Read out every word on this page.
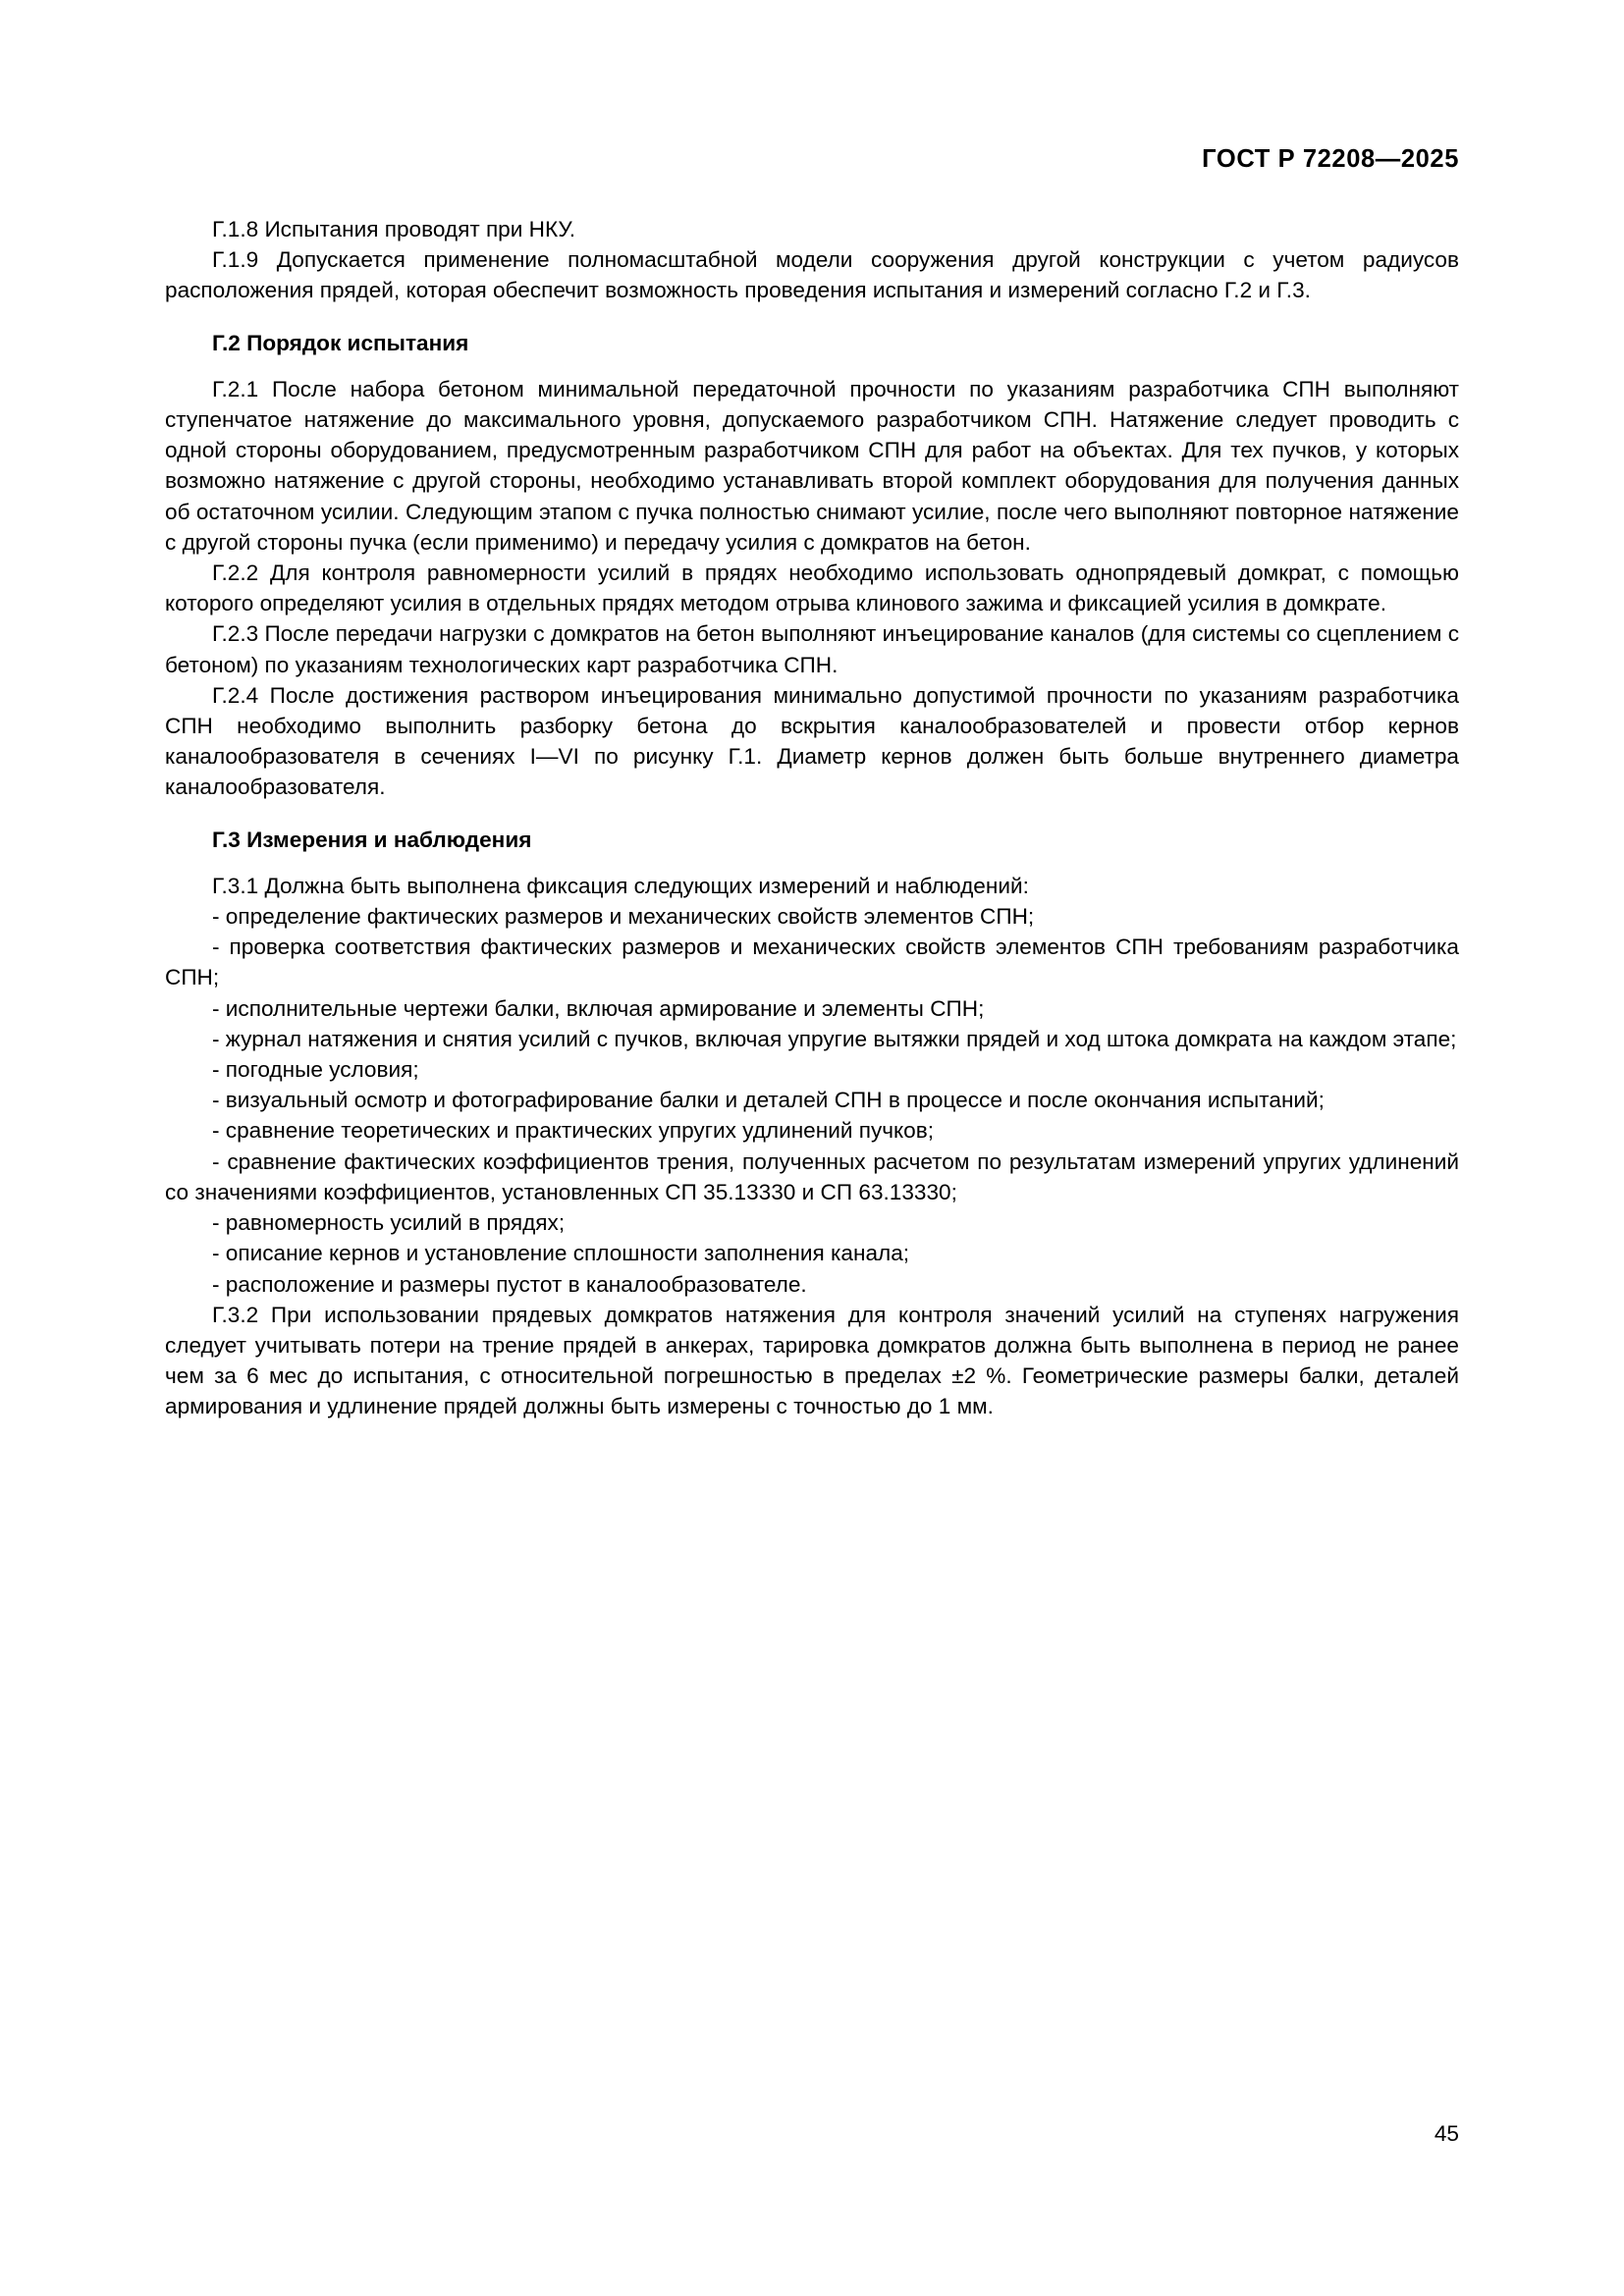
ГОСТ Р 72208—2025

Г.1.8 Испытания проводят при НКУ.

Г.1.9 Допускается применение полномасштабной модели сооружения другой конструкции с учетом радиусов расположения прядей, которая обеспечит возможность проведения испытания и измерений согласно Г.2 и Г.3.

Г.2 Порядок испытания

Г.2.1 После набора бетоном минимальной передаточной прочности по указаниям разработчика СПН выполняют ступенчатое натяжение до максимального уровня, допускаемого разработчиком СПН. Натяжение следует проводить с одной стороны оборудованием, предусмотренным разработчиком СПН для работ на объектах. Для тех пучков, у которых возможно натяжение с другой стороны, необходимо устанавливать второй комплект оборудования для получения данных об остаточном усилии. Следующим этапом с пучка полностью снимают усилие, после чего выполняют повторное натяжение с другой стороны пучка (если применимо) и передачу усилия с домкратов на бетон.

Г.2.2 Для контроля равномерности усилий в прядях необходимо использовать однопрядевый домкрат, с помощью которого определяют усилия в отдельных прядях методом отрыва клинового зажима и фиксацией усилия в домкрате.

Г.2.3 После передачи нагрузки с домкратов на бетон выполняют инъецирование каналов (для системы со сцеплением с бетоном) по указаниям технологических карт разработчика СПН.

Г.2.4 После достижения раствором инъецирования минимально допустимой прочности по указаниям разработчика СПН необходимо выполнить разборку бетона до вскрытия каналообразователей и провести отбор кернов каналообразователя в сечениях I—VI по рисунку Г.1. Диаметр кернов должен быть больше внутреннего диаметра каналообразователя.

Г.3 Измерения и наблюдения

Г.3.1 Должна быть выполнена фиксация следующих измерений и наблюдений:

- определение фактических размеров и механических свойств элементов СПН;

- проверка соответствия фактических размеров и механических свойств элементов СПН требованиям разработчика СПН;

- исполнительные чертежи балки, включая армирование и элементы СПН;

- журнал натяжения и снятия усилий с пучков, включая упругие вытяжки прядей и ход штока домкрата на каждом этапе;

- погодные условия;

- визуальный осмотр и фотографирование балки и деталей СПН в процессе и после окончания испытаний;

- сравнение теоретических и практических упругих удлинений пучков;

- сравнение фактических коэффициентов трения, полученных расчетом по результатам измерений упругих удлинений со значениями коэффициентов, установленных СП 35.13330 и СП 63.13330;

- равномерность усилий в прядях;

- описание кернов и установление сплошности заполнения канала;

- расположение и размеры пустот в каналообразователе.

Г.3.2 При использовании прядевых домкратов натяжения для контроля значений усилий на ступенях нагружения следует учитывать потери на трение прядей в анкерах, тарировка домкратов должна быть выполнена в период не ранее чем за 6 мес до испытания, с относительной погрешностью в пределах ±2 %. Геометрические размеры балки, деталей армирования и удлинение прядей должны быть измерены с точностью до 1 мм.

45
